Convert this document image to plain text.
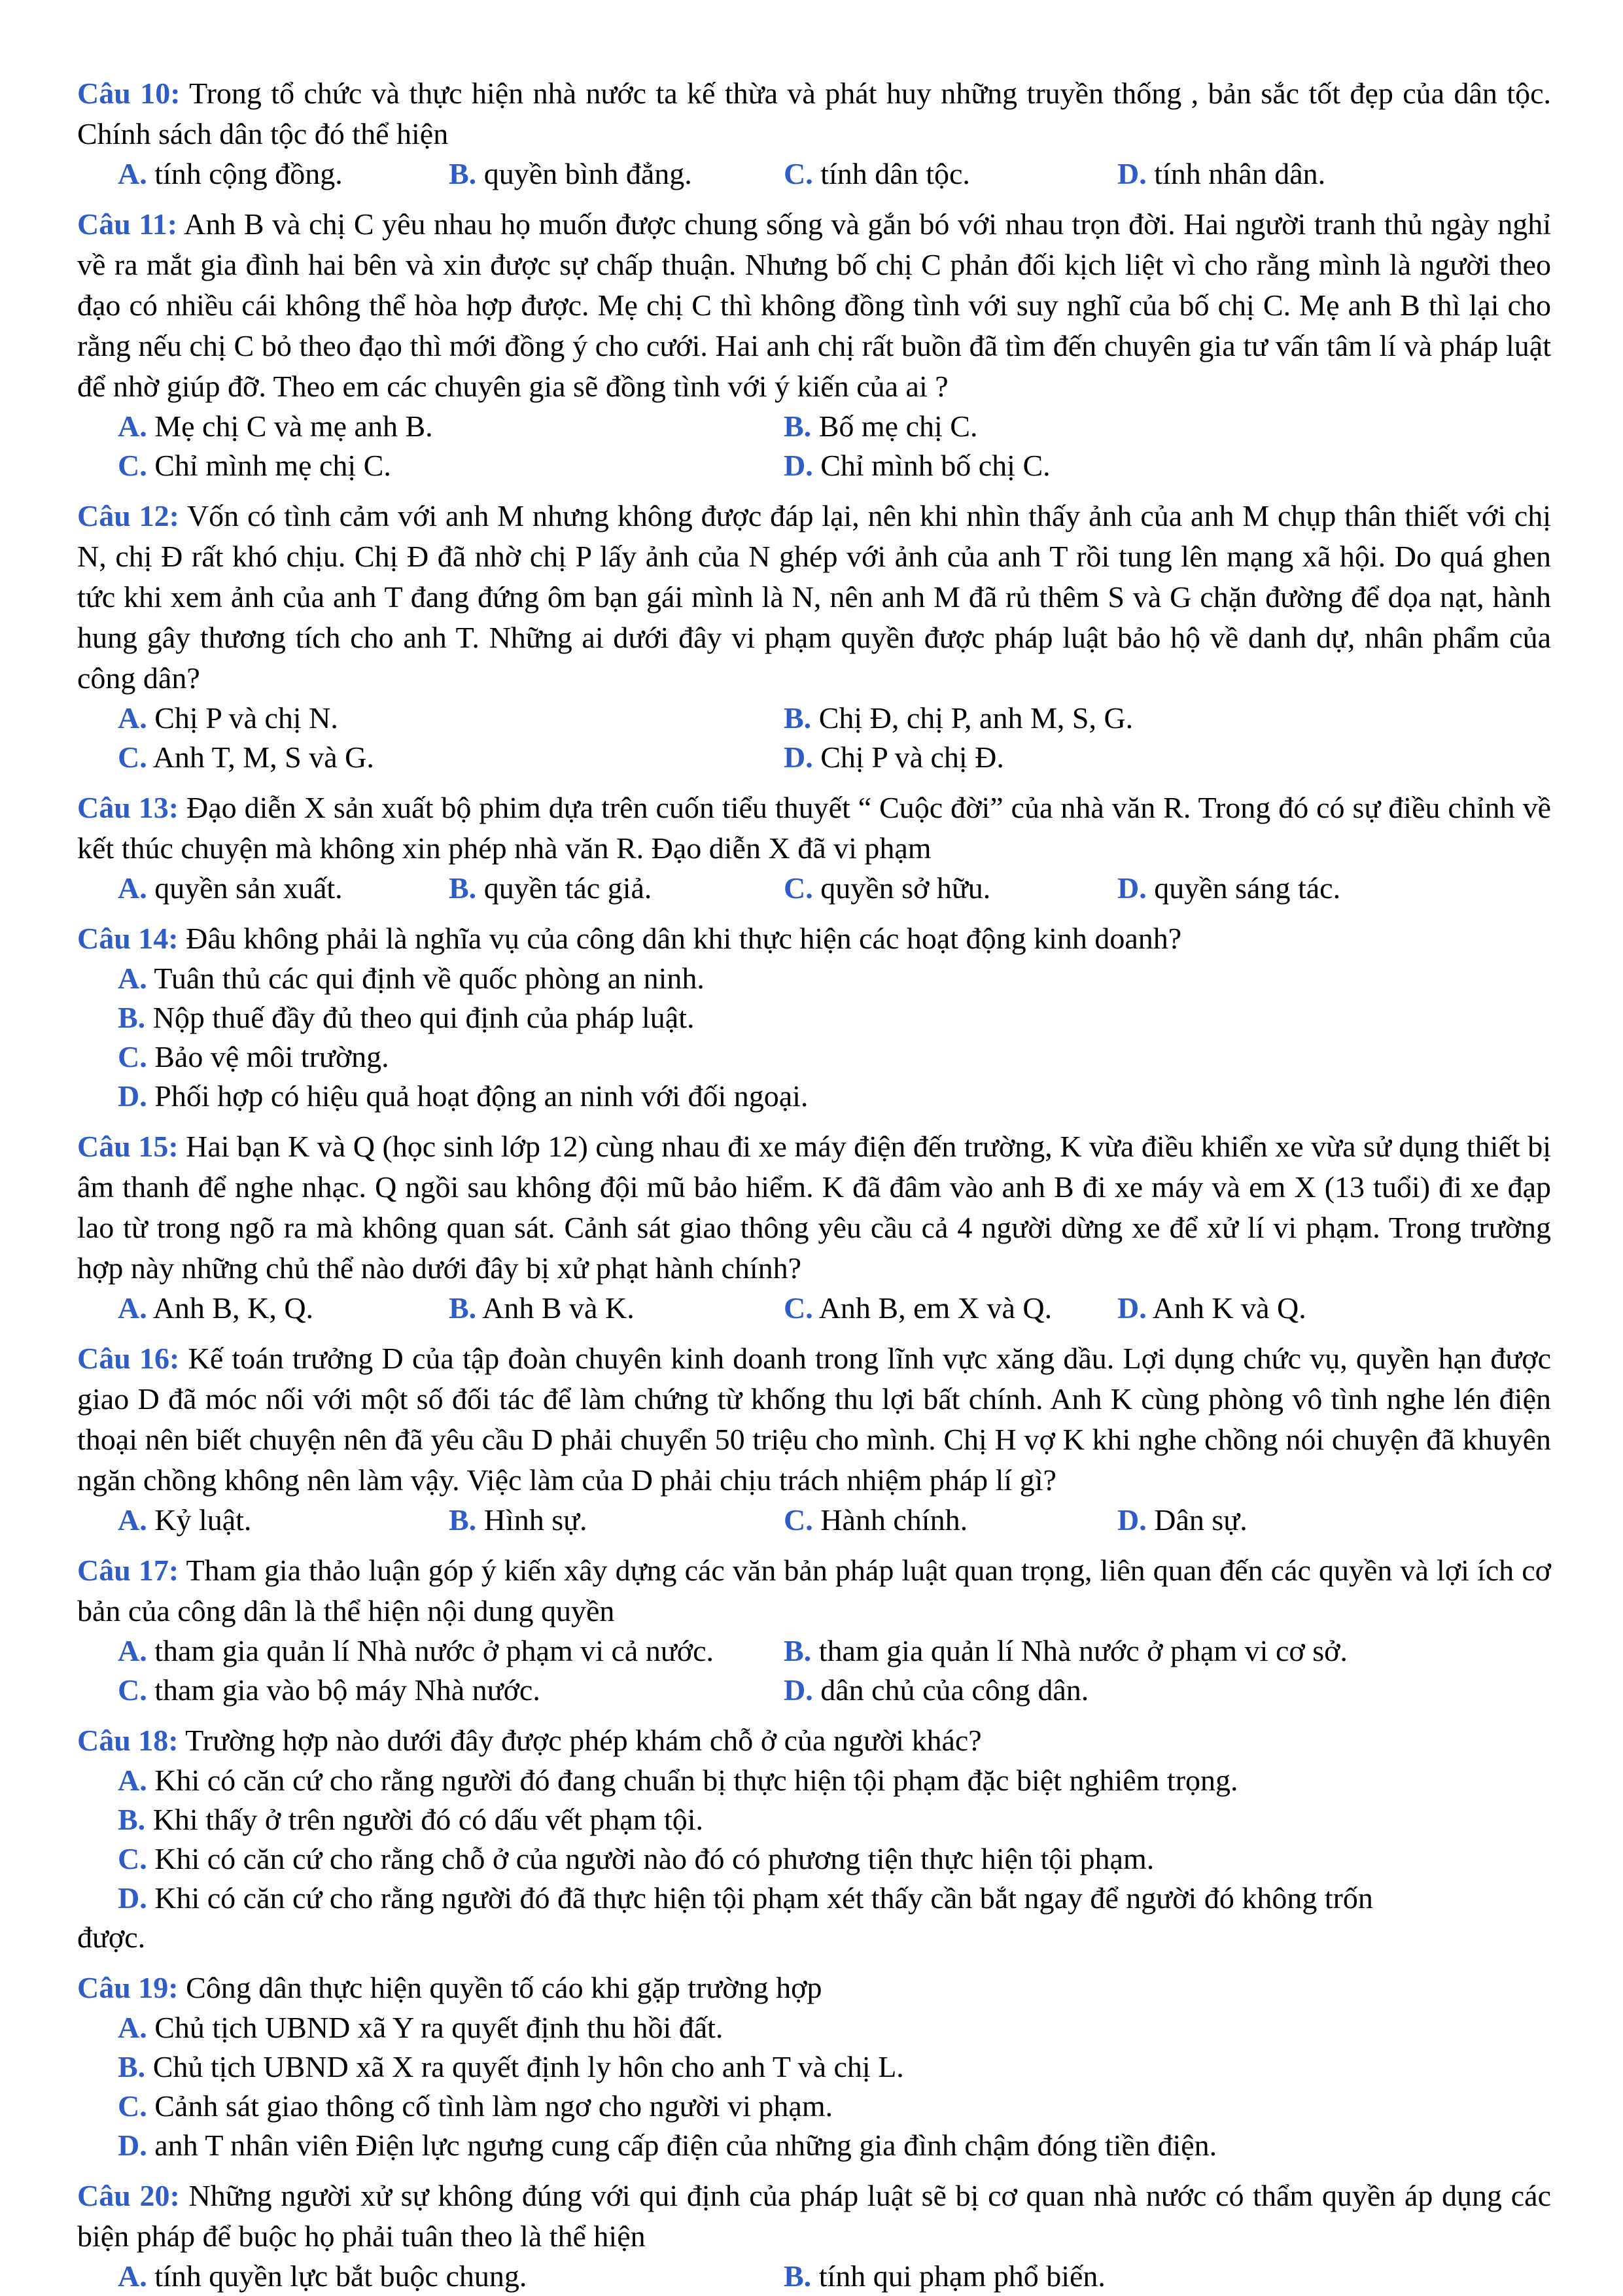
Câu 10: Trong tổ chức và thực hiện nhà nước ta kế thừa và phát huy những truyền thống , bản sắc tốt đẹp của dân tộc. Chính sách dân tộc đó thể hiện

A. tính cộng đồng.	B. quyền bình đẳng.	C. tính dân tộc.	D. tính nhân dân.

Câu 11: Anh B và chị C yêu nhau họ muốn được chung sống và gắn bó với nhau trọn đời. Hai người tranh thủ ngày nghỉ về ra mắt gia đình hai bên và xin được sự chấp thuận. Nhưng bố chị C phản đối kịch liệt vì cho rằng mình là người theo đạo có nhiều cái không thể hòa hợp được. Mẹ chị C thì không đồng tình với suy nghĩ của bố chị C. Mẹ anh B thì lại cho rằng nếu chị C bỏ theo đạo thì mới đồng ý cho cưới. Hai anh chị rất buồn đã tìm đến chuyên gia tư vấn tâm lí và pháp luật để nhờ giúp đỡ. Theo em các chuyên gia sẽ đồng tình với ý kiến của ai ?

A. Mẹ chị C và mẹ anh B.	B. Bố mẹ chị C.
C. Chỉ mình mẹ chị C.	D. Chỉ mình bố chị C.

Câu 12: Vốn có tình cảm với anh M nhưng không được đáp lại, nên khi nhìn thấy ảnh của anh M chụp thân thiết với chị N, chị Đ rất khó chịu. Chị Đ đã nhờ chị P lấy ảnh của N ghép với ảnh của anh T rồi tung lên mạng xã hội. Do quá ghen tức khi xem ảnh của anh T đang đứng ôm bạn gái mình là N, nên anh M đã rủ thêm S và G chặn đường để dọa nạt, hành hung gây thương tích cho anh T. Những ai dưới đây vi phạm quyền được pháp luật bảo hộ về danh dự, nhân phẩm của công dân?

A. Chị P và chị N.	B. Chị Đ, chị P, anh M, S, G.
C. Anh T, M, S và G.	D. Chị P và chị Đ.

Câu 13: Đạo diễn X sản xuất bộ phim dựa trên cuốn tiểu thuyết “ Cuộc đời” của nhà văn R. Trong đó có sự điều chỉnh về kết thúc chuyện mà không xin phép nhà văn R. Đạo diễn X đã vi phạm

A. quyền sản xuất.	B. quyền tác giả.	C. quyền sở hữu.	D. quyền sáng tác.

Câu 14: Đâu không phải là nghĩa vụ của công dân khi thực hiện các hoạt động kinh doanh?

A. Tuân thủ các qui định về quốc phòng an ninh.
B. Nộp thuế đầy đủ theo qui định của pháp luật.
C. Bảo vệ môi trường.
D. Phối hợp có hiệu quả hoạt động an ninh với đối ngoại.

Câu 15: Hai bạn K và Q (học sinh lớp 12) cùng nhau đi xe máy điện đến trường, K vừa điều khiển xe vừa sử dụng thiết bị âm thanh để nghe nhạc. Q ngồi sau không đội mũ bảo hiểm. K đã đâm vào anh B đi xe máy và em X (13 tuổi) đi xe đạp lao từ trong ngõ ra mà không quan sát. Cảnh sát giao thông yêu cầu cả 4 người dừng xe để xử lí vi phạm. Trong trường hợp này những chủ thể nào dưới đây bị xử phạt hành chính?

A. Anh B, K, Q.	B. Anh B và K.	C. Anh B, em X và Q.	D. Anh K và Q.

Câu 16: Kế toán trưởng D của tập đoàn chuyên kinh doanh trong lĩnh vực xăng dầu. Lợi dụng chức vụ, quyền hạn được giao D đã móc nối với một số đối tác để làm chứng từ khống thu lợi bất chính. Anh K cùng phòng vô tình nghe lén điện thoại nên biết chuyện nên đã yêu cầu D phải chuyển 50 triệu cho mình. Chị H vợ K khi nghe chồng nói chuyện đã khuyên ngăn chồng không nên làm vậy. Việc làm của D phải chịu trách nhiệm pháp lí gì?

A. Kỷ luật.	B. Hình sự.	C. Hành chính.	D. Dân sự.

Câu 17: Tham gia thảo luận góp ý kiến xây dựng các văn bản pháp luật quan trọng, liên quan đến các quyền và lợi ích cơ bản của công dân là thể hiện nội dung quyền

A. tham gia quản lí Nhà nước ở phạm vi cả nước.	B. tham gia quản lí Nhà nước ở phạm vi cơ sở.
C. tham gia vào bộ máy Nhà nước.	D. dân chủ của công dân.

Câu 18: Trường hợp nào dưới đây được phép khám chỗ ở của người khác?

A. Khi có căn cứ cho rằng người đó đang chuẩn bị thực hiện tội phạm đặc biệt nghiêm trọng.
B. Khi thấy ở trên người đó có dấu vết phạm tội.
C. Khi có căn cứ cho rằng chỗ ở của người nào đó có phương tiện thực hiện tội phạm.
D. Khi có căn cứ cho rằng người đó đã thực hiện tội phạm xét thấy cần bắt ngay để người đó không trốn

được.

Câu 19: Công dân thực hiện quyền tố cáo khi gặp trường hợp

A. Chủ tịch UBND xã Y ra quyết định thu hồi đất.
B. Chủ tịch UBND xã X ra quyết định ly hôn cho anh T và chị L.
C. Cảnh sát giao thông cố tình làm ngơ cho người vi phạm.
D. anh T nhân viên Điện lực ngưng cung cấp điện của những gia đình chậm đóng tiền điện.

Câu 20: Những người xử sự không đúng với qui định của pháp luật sẽ bị cơ quan nhà nước có thẩm quyền áp dụng các biện pháp để buộc họ phải tuân theo là thể hiện

A. tính quyền lực bắt buộc chung.	B. tính qui phạm phổ biến.
